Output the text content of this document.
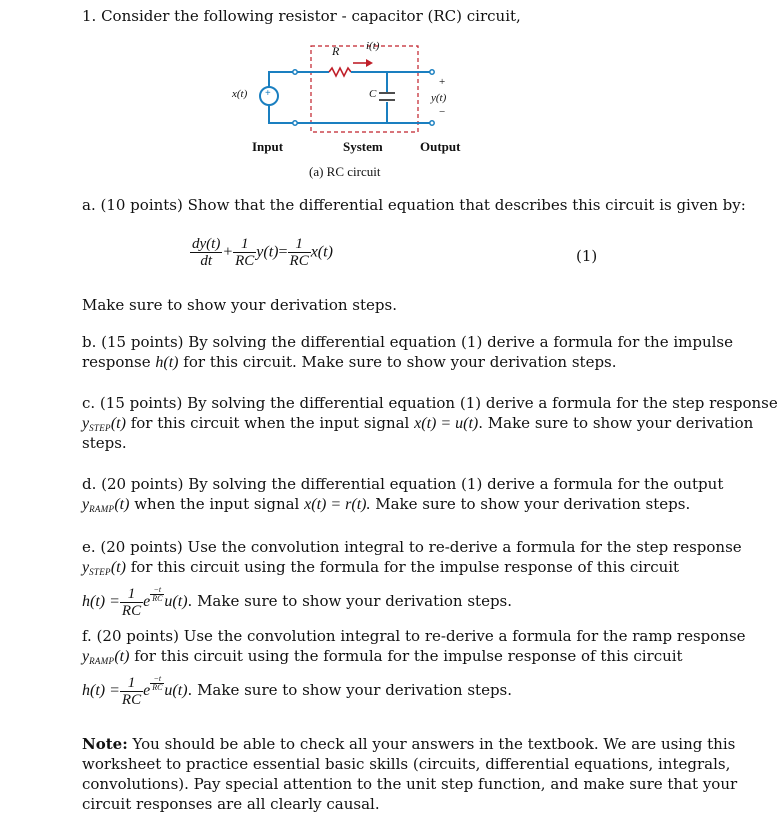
1. Consider the following resistor - capacitor (RC) circuit,
R i(t)
C
x(t) +
+
y(t)
−
Input	System	Output
(a) RC circuit
a. (10 points) Show that the differential equation that describes this circuit is given by:
$\frac{dy(t)}{dt} + \frac{1}{RC} y(t)= \frac{1}{RC} x(t)$	(1)
Make sure to show your derivation steps.
b. (15 points) By solving the differential equation (1) derive a formula for the impulse
response h(t) for this circuit. Make sure to show your derivation steps.
c. (15 points) By solving the differential equation (1) derive a formula for the step response
$y_{STEP}(t)$ for this circuit when the input signal x(t) = u(t). Make sure to show your derivation
steps.
d. (20 points) By solving the differential equation (1) derive a formula for the output
$y_{RAMP}(t)$ when the input signal x(t) = r(t). Make sure to show your derivation steps.
e. (20 points) Use the convolution integral to re-derive a formula for the step response
$y_{STEP}(t)$ for this circuit using the formula for the impulse response of this circuit
$h(t) = \frac{1}{RC}$ e $\frac{-t}{RC} u(t)$. Make sure to show your derivation steps.
f. (20 points) Use the convolution integral to re-derive a formula for the ramp response
$y_{RAMP}(t)$ for this circuit using the formula for the impulse response of this circuit
$h(t) = \frac{1}{RC}$ e $\frac{-t}{RC} u(t)$. Make sure to show your derivation steps.
Note: You should be able to check all your answers in the textbook. We are using this
worksheet to practice essential basic skills (circuits, differential equations, integrals,
convolutions). Pay special attention to the unit step function, and make sure that your
circuit responses are all clearly causal.
